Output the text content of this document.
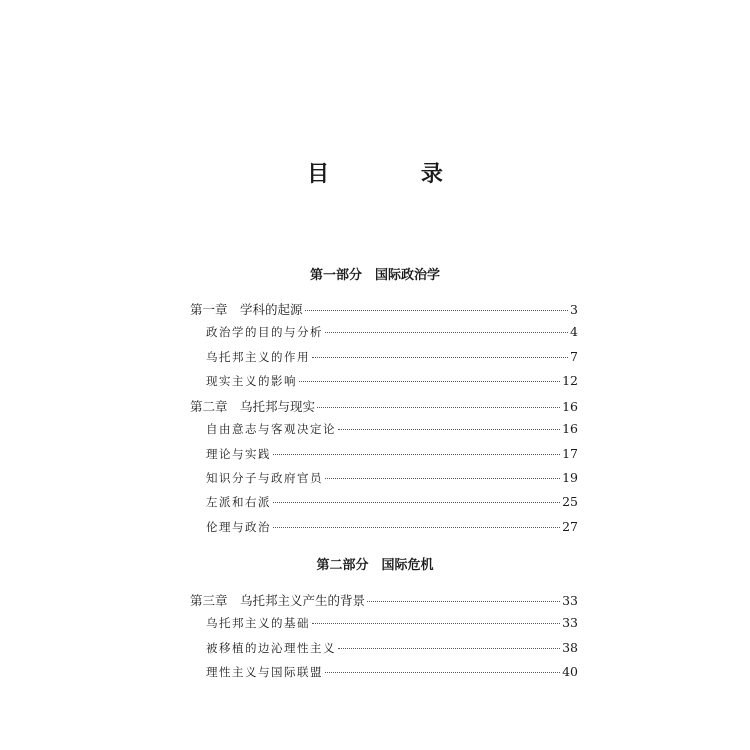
目 录
第一部分　国际政治学
第一章　学科的起源	3
政治学的目的与分析	4
乌托邦主义的作用	7
现实主义的影响	12
第二章　乌托邦与现实	16
自由意志与客观决定论	16
理论与实践	17
知识分子与政府官员	19
左派和右派	25
伦理与政治	27
第二部分　国际危机
第三章　乌托邦主义产生的背景	33
乌托邦主义的基础	33
被移植的边沁理性主义	38
理性主义与国际联盟	40
